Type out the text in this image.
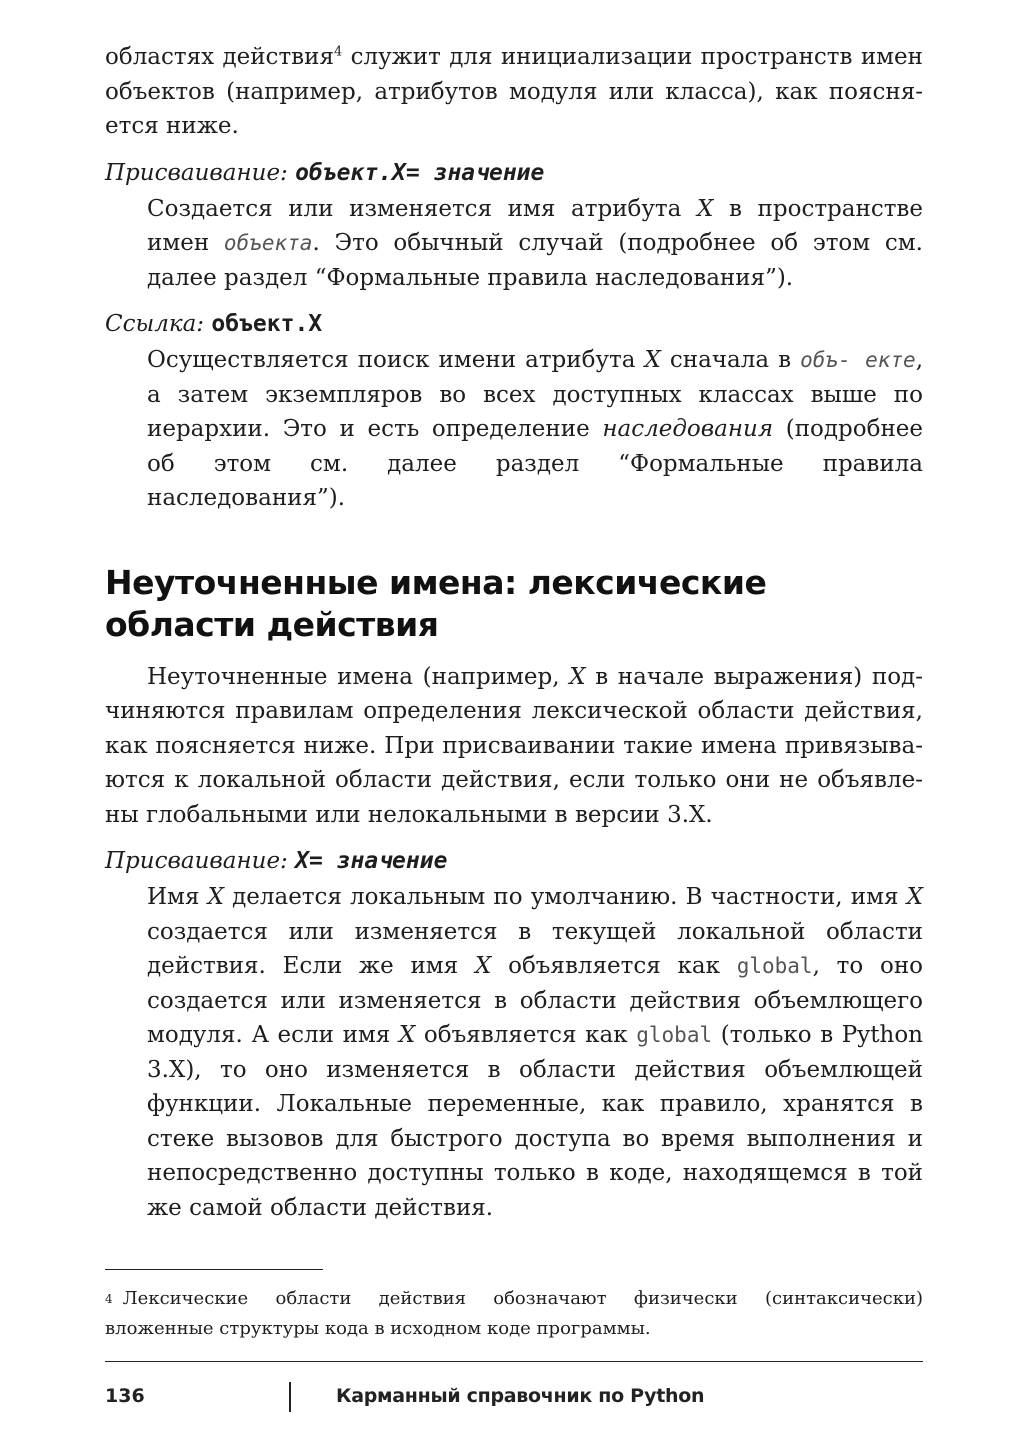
областях действия$^4$ служит для инициализации пространств имен объектов (например, атрибутов модуля или класса), как поясняется ниже.

Присваивание: объект.X= значение

Создается или изменяется имя атрибута X в пространстве имен объекта. Это обычный случай (подробнее об этом см. далее раздел “Формальные правила наследования”).

Ссылка: объект.X

Осуществляется поиск имени атрибута X сначала в объ- екте, а затем экземпляров во всех доступных классах выше по иерархии. Это и есть определение наследования (подробнее об этом см. далее раздел “Формальные правила наследования”).

Неуточненные имена: лексические
области действия

Неуточненные имена (например, X в начале выражения) подчиняются правилам определения лексической области действия, как поясняется ниже. При присваивании такие имена привязываются к локальной области действия, если только они не объявлены глобальными или нелокальными в версии 3.X.

Присваивание: X= значение

Имя X делается локальным по умолчанию. В частности, имя X создается или изменяется в текущей локальной области действия. Если же имя X объявляется как global, то оно создается или изменяется в области действия объемлющего модуля. А если имя X объявляется как global (только в Python 3.X), то оно изменяется в области действия объемлющей функции. Локальные переменные, как правило, хранятся в стеке вызовов для быстрого доступа во время выполнения и непосредственно доступны только в коде, находящемся в той же самой области действия.

$^4$ Лексические области действия обозначают физически (синтаксически) вложенные структуры кода в исходном коде программы.

136	Карманный справочник по Python
